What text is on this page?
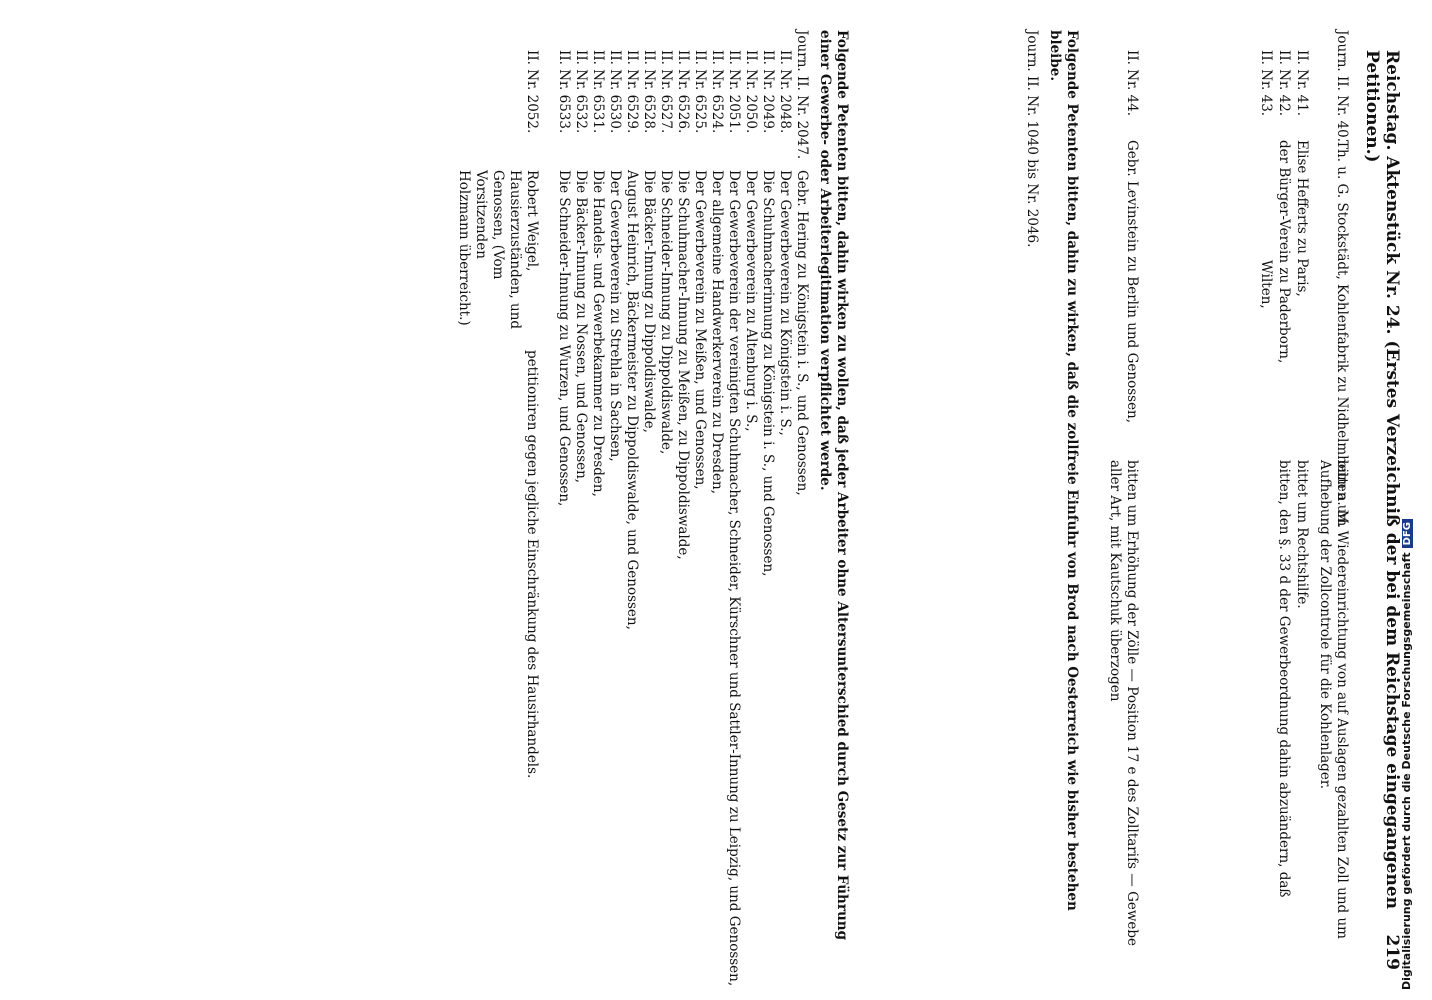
Reichstag. Aktenstück Nr. 24. (Erstes Verzeichniß der bei dem Reichstage eingegangenen Petitionen.)
219
Journ. II. Nr. 40.
Th. u. G. Stockstädt, Kohlenfabrik zu Nidhelmheim a. M.
bitten um Wiedereinrichtung von auf Auslagen gezahlten Zoll und um Aufhebung der Zollcontrole für die Kohlenlager.
II. Nr. 41.
Elise Hefferts zu Paris,
bittet um Rechtshilfe.
II. Nr. 42.
der Bürger-Verein zu Paderborn,
bitten, den §. 33 d der Gewerbeordnung dahin abzuändern, daß
II. Nr. 43.
Wilten,
II. Nr. 44.
Gebr. Levinstein zu Berlin und Genossen,
bitten um Erhöhung der Zölle — Position 17 e des Zolltarifs — Gewebe aller Art, mit Kautschuk überzogen
Folgende Petenten bitten, dahin zu wirken, daß die zollfreie Einfuhr von Brod nach Oesterreich wie bisher bestehen bleibe.
Journ. II. Nr. 1040 bis Nr. 2046.
Folgende Petenten bitten, dahin wirken zu wollen, daß jeder Arbeiter ohne Altersunterschied durch Gesetz zur Führung einer Gewerbe- oder Arbeiterlegitimation verpflichtet werde.
Journ. II. Nr. 2047.
Gebr. Hering zu Königstein i. S., und Genossen,
II. Nr. 2048.
Der Gewerbeverein zu Königstein i. S.,
II. Nr. 2049.
Die Schuhmacherinnung zu Königstein i. S., und Genossen,
II. Nr. 2050.
Der Gewerbeverein zu Altenburg i. S.,
II. Nr. 2051.
Der Gewerbeverein der vereinigten Schuhmacher, Schneider, Kürschner und Sattler-Innung zu Leipzig, und Genossen,
II. Nr. 6524.
Der allgemeine Handwerkerverein zu Dresden,
II. Nr. 6525.
Der Gewerbeverein zu Meißen, und Genossen,
II. Nr. 6526.
Die Schuhmacher-Innung zu Meißen, zu Dippoldiswalde,
II. Nr. 6527.
Die Schneider-Innung zu Dippoldiswalde,
II. Nr. 6528.
Die Bäcker-Innung zu Dippoldiswalde,
II. Nr. 6529.
August Heinrich, Bäckermeister zu Dippoldiswalde, und Genossen,
II. Nr. 6530.
Der Gewerbeverein zu Strehla in Sachsen,
II. Nr. 6531.
Die Handels- und Gewerbekammer zu Dresden,
II. Nr. 6532.
Die Bäcker-Innung zu Nossen, und Genossen,
II. Nr. 6533.
Die Schneider-Innung zu Wurzen, und Genossen,
II. Nr. 2052.
Robert Weigel, Hausierzuständen, und Genossen, (Vom Vorsitzenden Holzmann überreicht.)
petitioniren gegen jegliche Einschränkung des Hausirhandels.	Digitalisierung gefördert durch die Deutsche ForschungsgemeinschaftDFG
